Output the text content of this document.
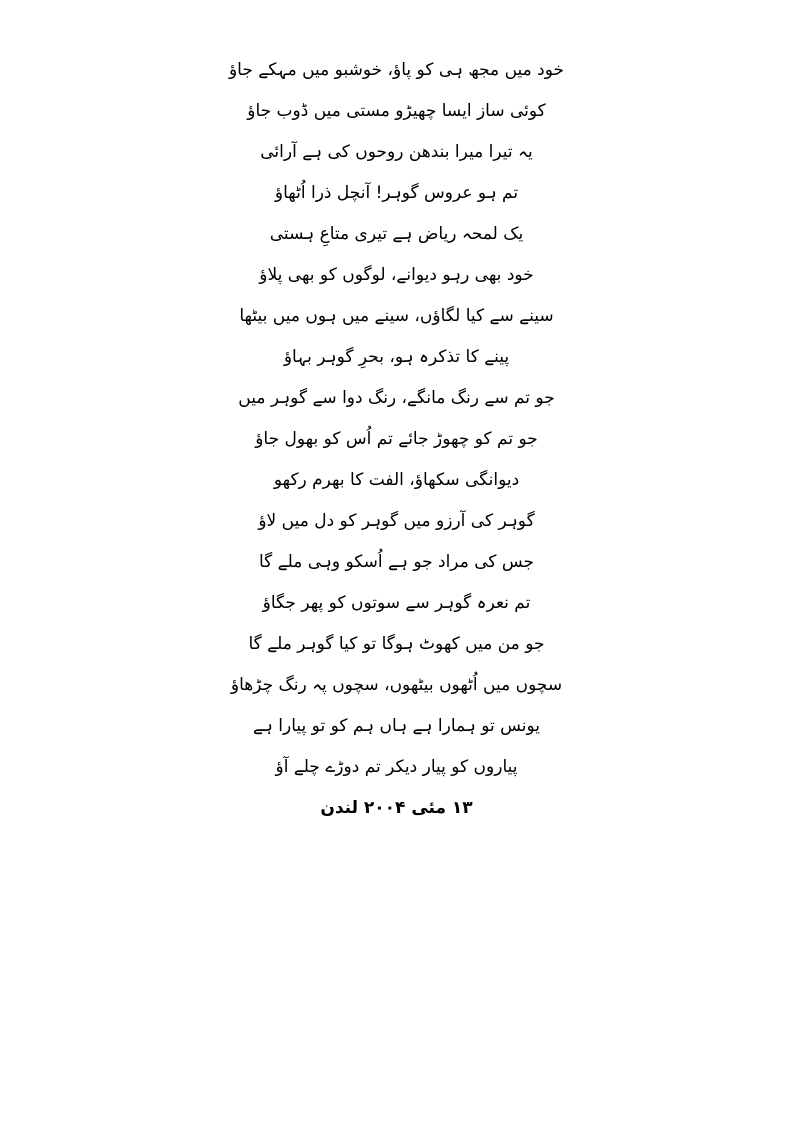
خود میں مجھ ہی کو پاؤ، خوشبو میں مہکے جاؤ
کوئی ساز ایسا چھیڑو مستی میں ڈوب جاؤ
یہ تیرا میرا بندھن روحوں کی ہے آرائی
تم ہو عروس گوہر! آنچل ذرا اُٹھاؤ
یک لمحہ ریاض ہے تیری متاعِ ہستی
خود بھی رہو دیوانے، لوگوں کو بھی پلاؤ
سینے سے کیا لگاؤں، سینے میں ہوں میں بیٹھا
پینے کا تذکرہ ہو، بحرِ گوہر بہاؤ
جو تم سے رنگ مانگے، رنگ دوا سے گوہر میں
جو تم کو چھوڑ جائے تم اُس کو بھول جاؤ
دیوانگی سکھاؤ، الفت کا بھرم رکھو
گوہر کی آرزو میں گوہر کو دل میں لاؤ
جس کی مراد جو ہے اُسکو وہی ملے گا
تم نعرہ گوہر سے سوتوں کو پھر جگاؤ
جو من میں کھوٹ ہوگا تو کیا گوہر ملے گا
سچوں میں اُٹھوں بیٹھوں، سچوں پہ رنگ چڑھاؤ
یونس تو ہمارا ہے ہاں ہم کو تو پیارا ہے
پیاروں کو پیار دیکر تم دوڑے چلے آؤ
۱۳ مئی ۲۰۰۴ لندن
